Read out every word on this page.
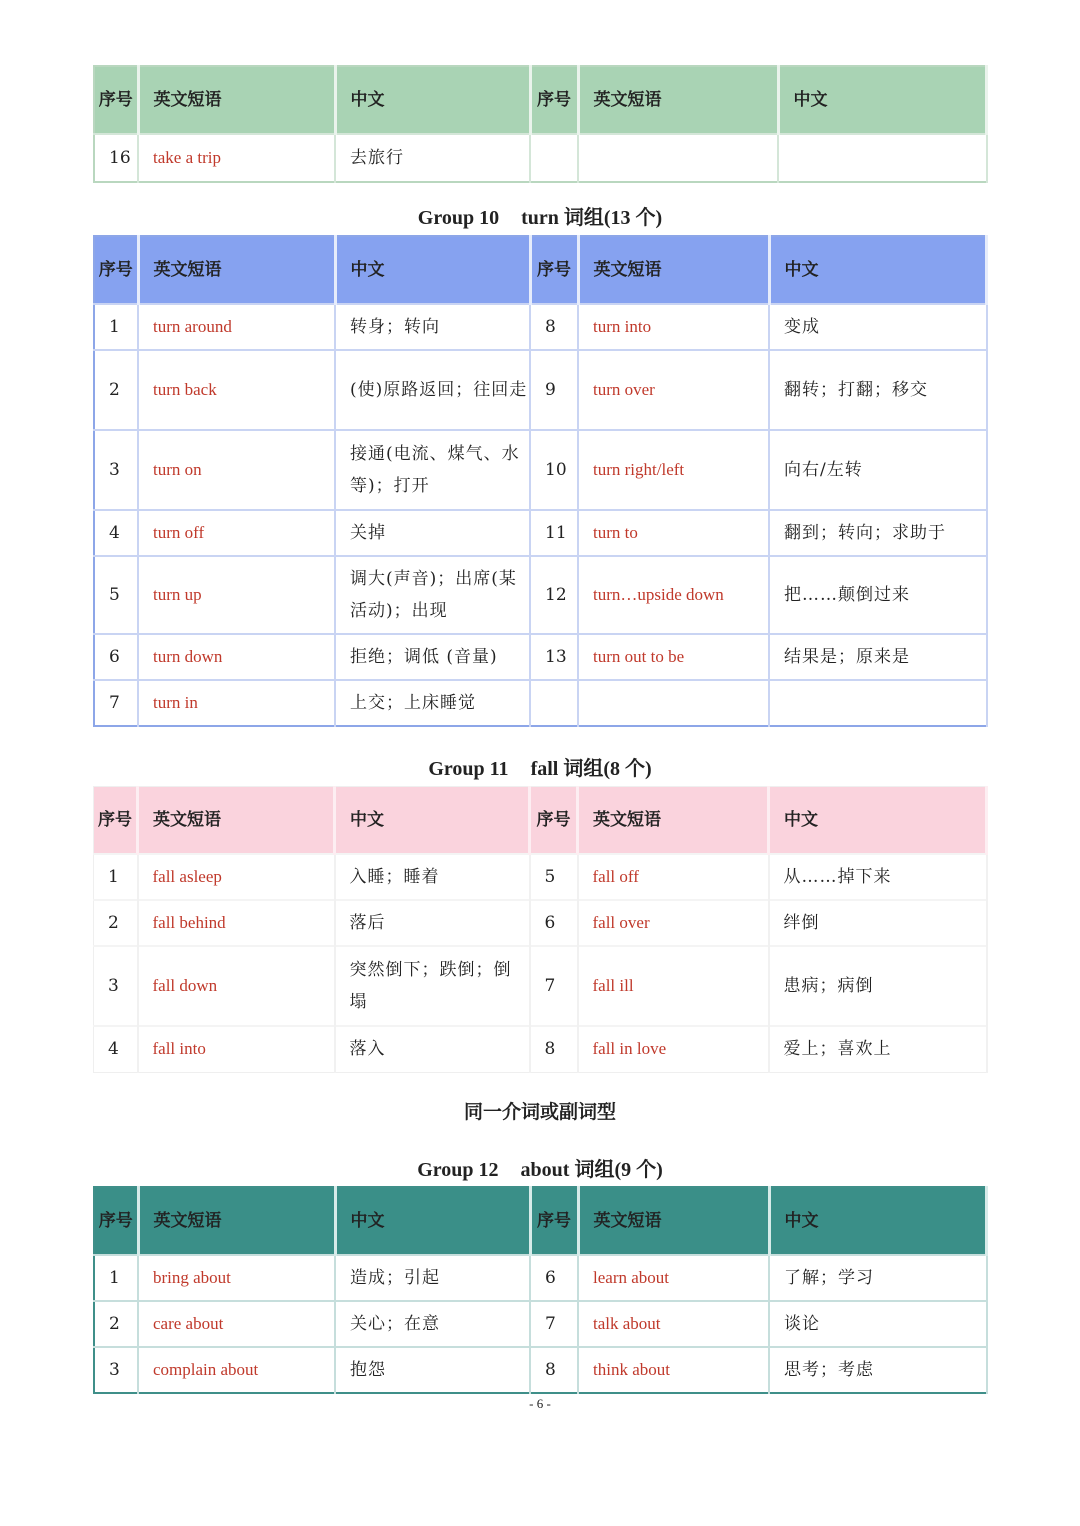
序号	英文短语	中文	序号	英文短语	中文
16	take a trip	去旅行			
Group 10 turn 词组(13 个)
序号	英文短语	中文	序号	英文短语	中文
1	turn around	转身；转向	8	turn into	变成
2	turn back	(使)原路返回；往回走	9	turn over	翻转；打翻；移交
3	turn on	接通(电流、煤气、水等)；打开	10	turn right/left	向右/左转
4	turn off	关掉	11	turn to	翻到；转向；求助于
5	turn up	调大(声音)；出席(某活动)；出现	12	turn…upside down	把……颠倒过来
6	turn down	拒绝；调低 (音量)	13	turn out to be	结果是；原来是
7	turn in	上交；上床睡觉			
Group 11 fall 词组(8 个)
序号	英文短语	中文	序号	英文短语	中文
1	fall asleep	入睡；睡着	5	fall off	从……掉下来
2	fall behind	落后	6	fall over	绊倒
3	fall down	突然倒下；跌倒；倒塌	7	fall ill	患病；病倒
4	fall into	落入	8	fall in love	爱上；喜欢上
同一介词或副词型
Group 12 about 词组(9 个)
序号	英文短语	中文	序号	英文短语	中文
1	bring about	造成；引起	6	learn about	了解；学习
2	care about	关心；在意	7	talk about	谈论
3	complain about	抱怨	8	think about	思考；考虑
- 6 -
